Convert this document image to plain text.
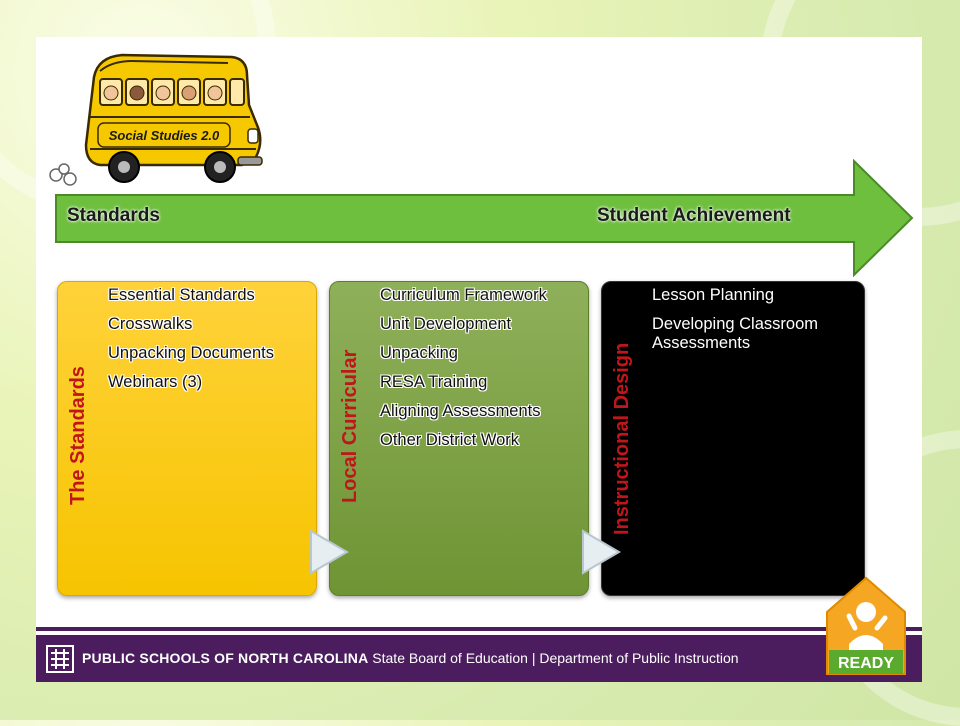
Social Studies 2.0
Standards	Student Achievement
The Standards
Essential Standards
Crosswalks
Unpacking Documents
Webinars (3)	Local Curricular
Curriculum Framework
Unit Development
Unpacking
RESA Training
Aligning Assessments
Other District Work	Instructional Design
Lesson Planning
Developing Classroom Assessments
PUBLIC SCHOOLS OF NORTH CAROLINA State Board of Education | Department of Public Instruction	READY
